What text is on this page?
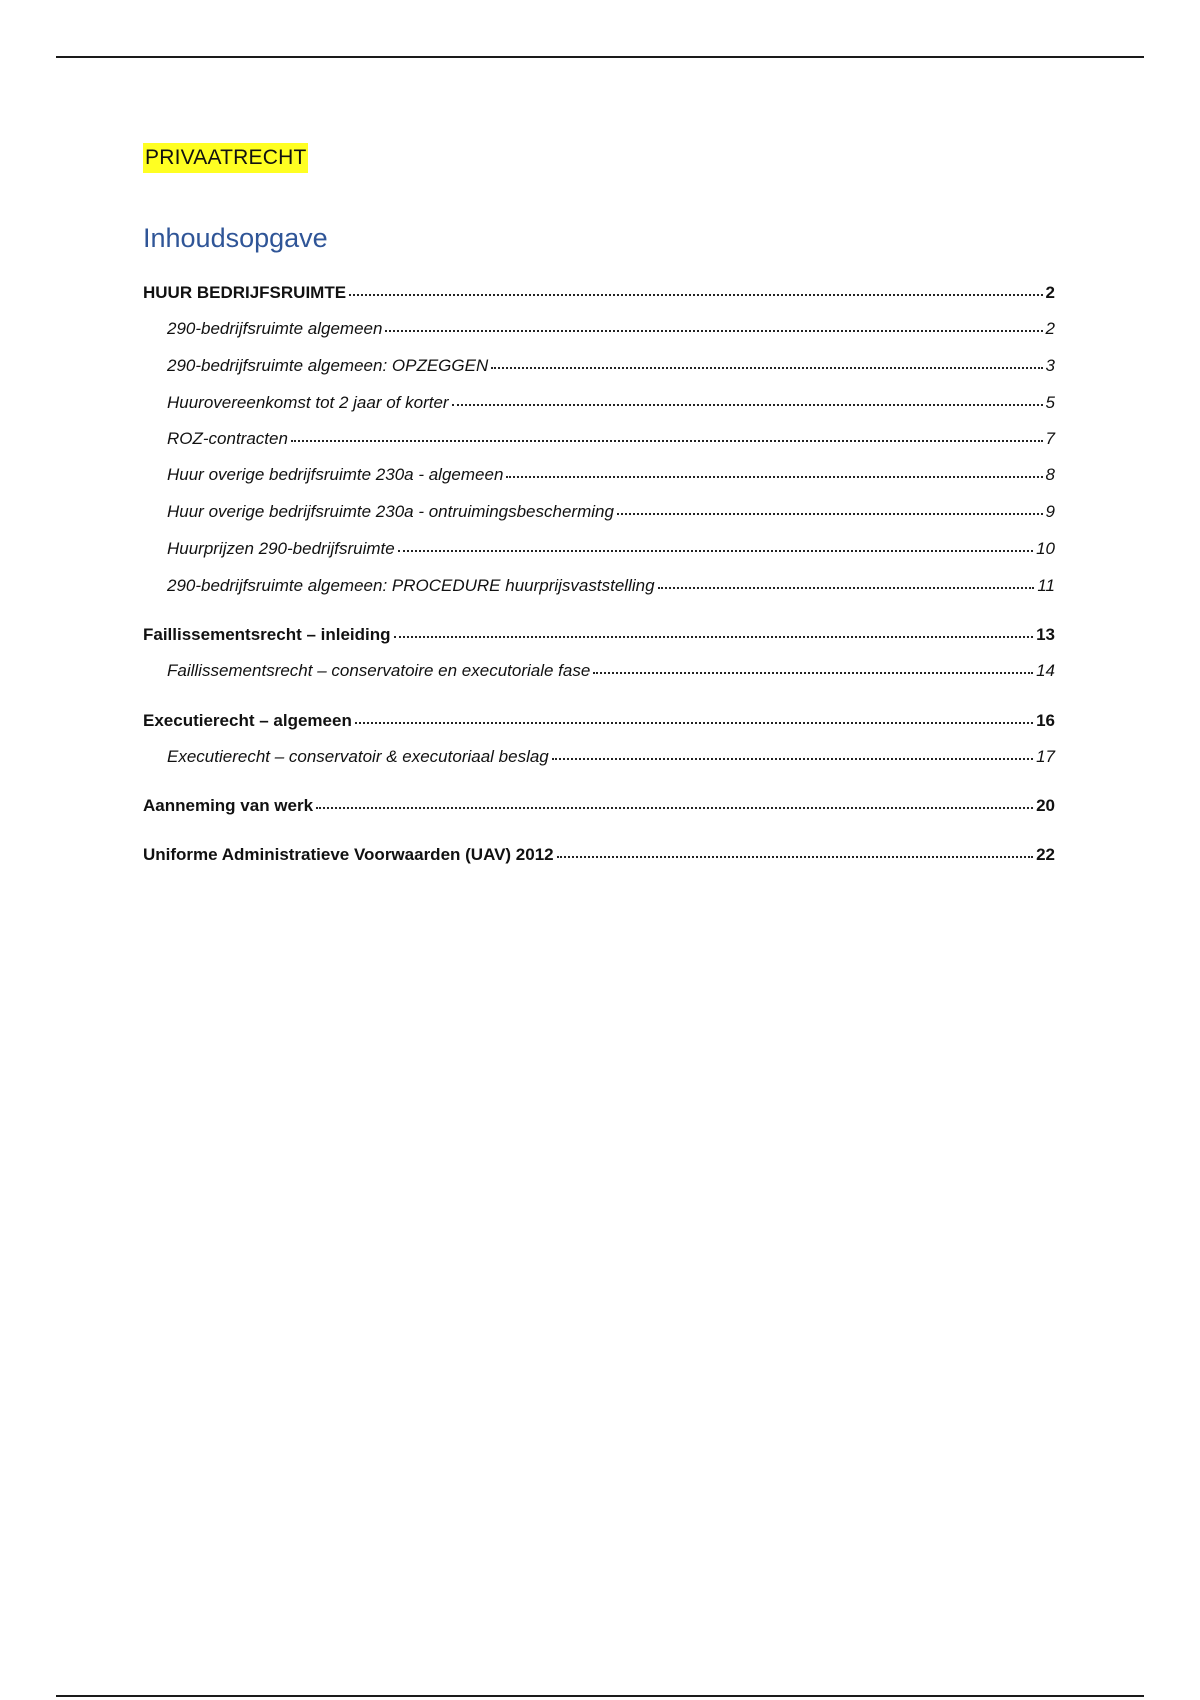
PRIVAATRECHT
Inhoudsopgave
HUUR BEDRIJFSRUIMTE	2
290-bedrijfsruimte algemeen	2
290-bedrijfsruimte algemeen: OPZEGGEN	3
Huurovereenkomst tot 2 jaar of korter	5
ROZ-contracten	7
Huur overige bedrijfsruimte 230a - algemeen	8
Huur overige bedrijfsruimte 230a - ontruimingsbescherming	9
Huurprijzen 290-bedrijfsruimte	10
290-bedrijfsruimte algemeen: PROCEDURE huurprijsvaststelling	11
Faillissementsrecht – inleiding	13
Faillissementsrecht – conservatoire en executoriale fase	14
Executierecht – algemeen	16
Executierecht – conservatoir & executoriaal beslag	17
Aanneming van werk	20
Uniforme Administratieve Voorwaarden (UAV) 2012	22
